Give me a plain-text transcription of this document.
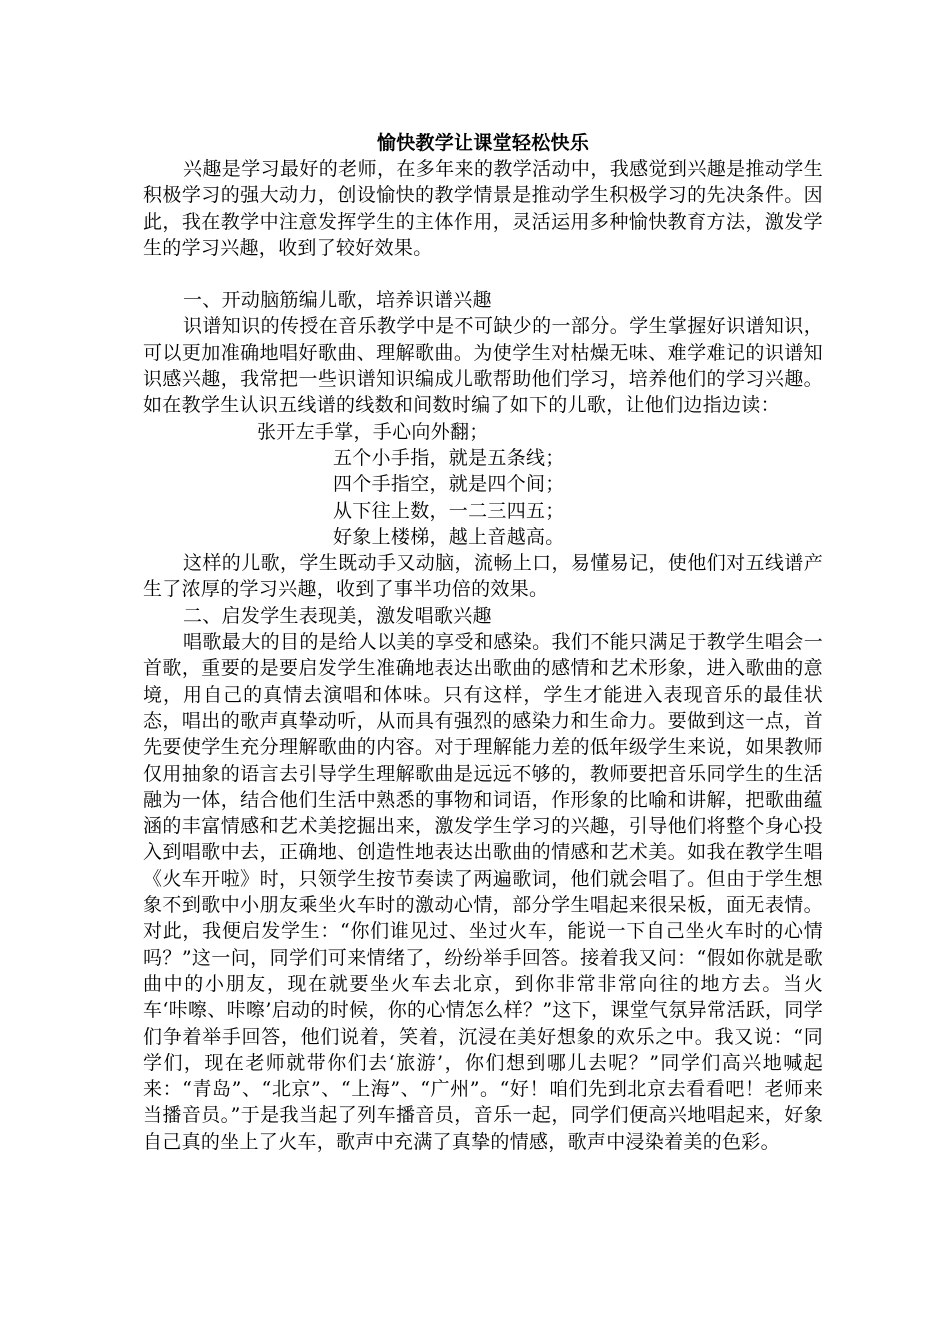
愉快教学让课堂轻松快乐

兴趣是学习最好的老师，在多年来的教学活动中，我感觉到兴趣是推动学生积极学习的强大动力，创设愉快的教学情景是推动学生积极学习的先决条件。因此，我在教学中注意发挥学生的主体作用，灵活运用多种愉快教育方法，激发学生的学习兴趣，收到了较好效果。

一、开动脑筋编儿歌，培养识谱兴趣

识谱知识的传授在音乐教学中是不可缺少的一部分。学生掌握好识谱知识，可以更加准确地唱好歌曲、理解歌曲。为使学生对枯燥无味、难学难记的识谱知识感兴趣，我常把一些识谱知识编成儿歌帮助他们学习，培养他们的学习兴趣。如在教学生认识五线谱的线数和间数时编了如下的儿歌，让他们边指边读：

张开左手掌，手心向外翻；

五个小手指，就是五条线；

四个手指空，就是四个间；

从下往上数，一二三四五；

好象上楼梯，越上音越高。

这样的儿歌，学生既动手又动脑，流畅上口，易懂易记，使他们对五线谱产生了浓厚的学习兴趣，收到了事半功倍的效果。

二、启发学生表现美，激发唱歌兴趣

唱歌最大的目的是给人以美的享受和感染。我们不能只满足于教学生唱会一首歌，重要的是要启发学生准确地表达出歌曲的感情和艺术形象，进入歌曲的意境，用自己的真情去演唱和体味。只有这样，学生才能进入表现音乐的最佳状态，唱出的歌声真挚动听，从而具有强烈的感染力和生命力。要做到这一点，首先要使学生充分理解歌曲的内容。对于理解能力差的低年级学生来说，如果教师仅用抽象的语言去引导学生理解歌曲是远远不够的，教师要把音乐同学生的生活融为一体，结合他们生活中熟悉的事物和词语，作形象的比喻和讲解，把歌曲蕴涵的丰富情感和艺术美挖掘出来，激发学生学习的兴趣，引导他们将整个身心投入到唱歌中去，正确地、创造性地表达出歌曲的情感和艺术美。如我在教学生唱《火车开啦》时，只领学生按节奏读了两遍歌词，他们就会唱了。但由于学生想象不到歌中小朋友乘坐火车时的激动心情，部分学生唱起来很呆板，面无表情。对此，我便启发学生：“你们谁见过、坐过火车，能说一下自己坐火车时的心情吗？”这一问，同学们可来情绪了，纷纷举手回答。接着我又问：“假如你就是歌曲中的小朋友，现在就要坐火车去北京，到你非常非常向往的地方去。当火车‘咔嚓、咔嚓’启动的时候，你的心情怎么样？”这下，课堂气氛异常活跃，同学们争着举手回答，他们说着，笑着，沉浸在美好想象的欢乐之中。我又说：“同学们，现在老师就带你们去‘旅游’，你们想到哪儿去呢？”同学们高兴地喊起来：“青岛”、“北京”、“上海”、“广州”。“好！咱们先到北京去看看吧！老师来当播音员。”于是我当起了列车播音员，音乐一起，同学们便高兴地唱起来，好象自己真的坐上了火车，歌声中充满了真挚的情感，歌声中浸染着美的色彩。
